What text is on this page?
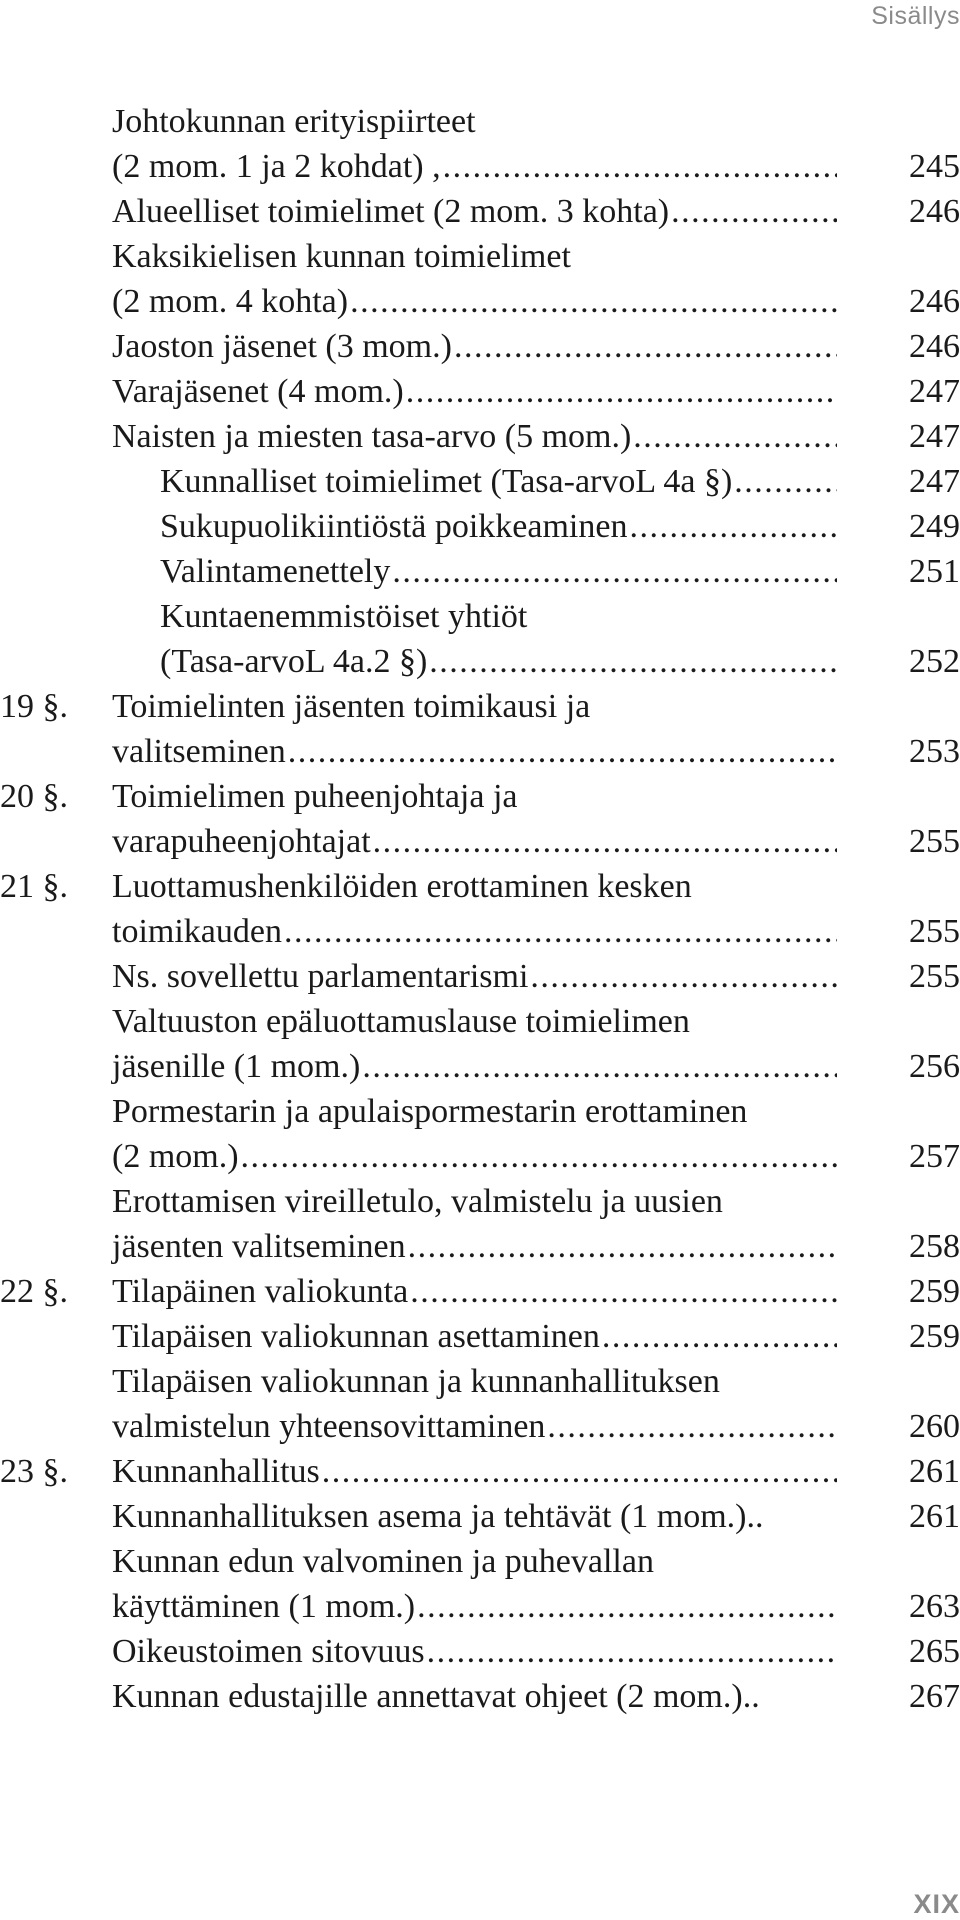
Sisällys
Johtokunnan erityispiirteet
(2 mom. 1 ja 2 kohdat) , .....	245
Alueelliset toimielimet (2 mom. 3 kohta) .....	246
Kaksikielisen kunnan toimielimet
(2 mom. 4 kohta) .....	246
Jaoston jäsenet (3 mom.) .....	246
Varajäsenet (4 mom.) .....	247
Naisten ja miesten tasa-arvo (5 mom.) .....	247
Kunnalliset toimielimet (Tasa-arvoL 4a §) .....	247
Sukupuolikiintiöstä poikkeaminen .....	249
Valintamenettely .....	251
Kuntaenemmistöiset yhtiöt
(Tasa-arvoL 4a.2 §) .....	252
19 §.	Toimielinten jäsenten toimikausi ja
valitseminen .....	253
20 §.	Toimielimen puheenjohtaja ja
varapuheenjohtajat .....	255
21 §.	Luottamushenkilöiden erottaminen kesken
toimikauden .....	255
Ns. sovellettu parlamentarismi .....	255
Valtuuston epäluottamuslause toimielimen
jäsenille (1 mom.) .....	256
Pormestarin ja apulaispormestarin erottaminen
(2 mom.) .....	257
Erottamisen vireilletulo, valmistelu ja uusien
jäsenten valitseminen .....	258
22 §.	Tilapäinen valiokunta .....	259
Tilapäisen valiokunnan asettaminen .....	259
Tilapäisen valiokunnan ja kunnanhallituksen
valmistelun yhteensovittaminen .....	260
23 §.	Kunnanhallitus .....	261
Kunnanhallituksen asema ja tehtävät (1 mom.)..	261
Kunnan edun valvominen ja puhevallan
käyttäminen (1 mom.) .....	263
Oikeustoimen sitovuus .....	265
Kunnan edustajille annettavat ohjeet (2 mom.)..	267
XIX
